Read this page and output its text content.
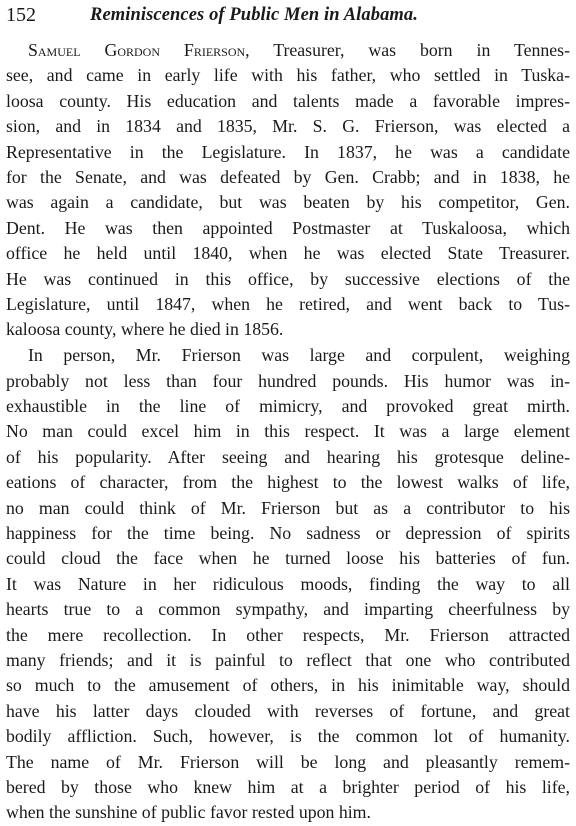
152	Reminiscences of Public Men in Alabama.
Samuel Gordon Frierson, Treasurer, was born in Tennes-
see, and came in early life with his father, who settled in Tuska-
loosa county. His education and talents made a favorable impres-
sion, and in 1834 and 1835, Mr. S. G. Frierson, was elected a
Representative in the Legislature. In 1837, he was a candidate
for the Senate, and was defeated by Gen. Crabb; and in 1838, he
was again a candidate, but was beaten by his competitor, Gen.
Dent. He was then appointed Postmaster at Tuskaloosa, which
office he held until 1840, when he was elected State Treasurer.
He was continued in this office, by successive elections of the
Legislature, until 1847, when he retired, and went back to Tus-
kaloosa county, where he died in 1856.
In person, Mr. Frierson was large and corpulent, weighing
probably not less than four hundred pounds. His humor was in-
exhaustible in the line of mimicry, and provoked great mirth.
No man could excel him in this respect. It was a large element
of his popularity. After seeing and hearing his grotesque deline-
eations of character, from the highest to the lowest walks of life,
no man could think of Mr. Frierson but as a contributor to his
happiness for the time being. No sadness or depression of spirits
could cloud the face when he turned loose his batteries of fun.
It was Nature in her ridiculous moods, finding the way to all
hearts true to a common sympathy, and imparting cheerfulness by
the mere recollection. In other respects, Mr. Frierson attracted
many friends; and it is painful to reflect that one who contributed
so much to the amusement of others, in his inimitable way, should
have his latter days clouded with reverses of fortune, and great
bodily affliction. Such, however, is the common lot of humanity.
The name of Mr. Frierson will be long and pleasantly remem-
bered by those who knew him at a brighter period of his life,
when the sunshine of public favor rested upon him.
